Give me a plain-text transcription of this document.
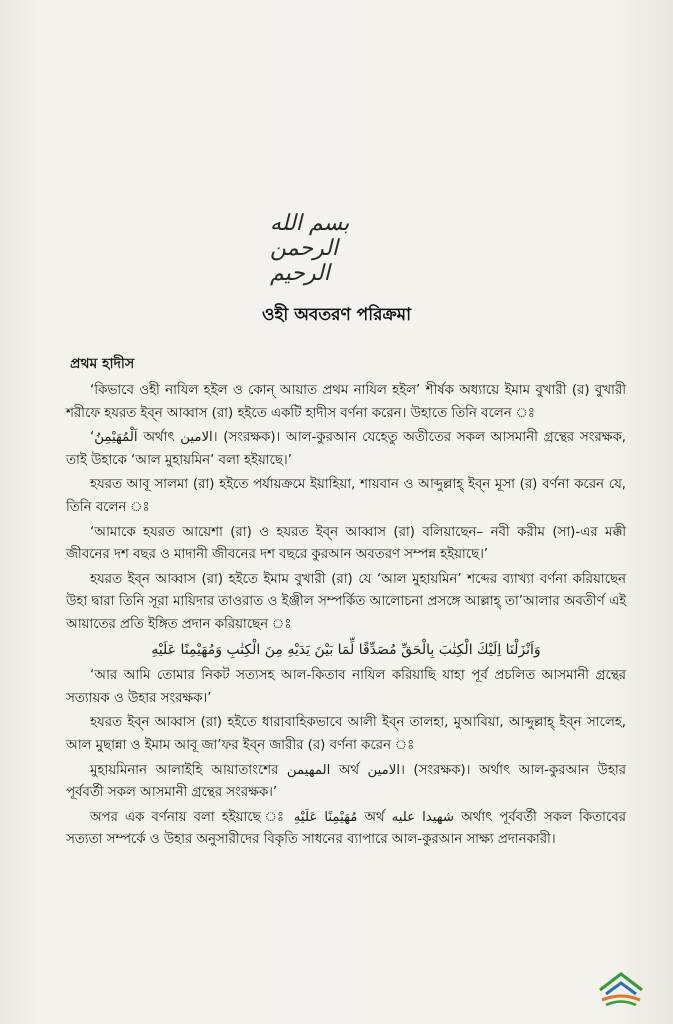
بسم الله الرحمن الرحيم
ওহী অবতরণ পরিক্রমা
প্রথম হাদীস

‘কিভাবে ওহী নাযিল হইল ও কোন্ আয়াত প্রথম নাযিল হইল’ শীর্ষক অধ্যায়ে ইমাম বুখারী (র) বুখারী শরীফে হযরত ইব্ন আব্বাস (রা) হইতে একটি হাদীস বর্ণনা করেন। উহাতে তিনি বলেন ঃ

‘اَلْمُهَيْمِنُ অর্থাৎ الامين। (সংরক্ষক)। আল-কুরআন যেহেতু অতীতের সকল আসমানী গ্রন্থের সংরক্ষক, তাই উহাকে ‘আল মুহায়মিন’ বলা হইয়াছে।’

হযরত আবূ সালমা (রা) হইতে পর্যায়ক্রমে ইয়াহিয়া, শায়বান ও আব্দুল্লাহ্ ইব্ন মূসা (র) বর্ণনা করেন যে, তিনি বলেন ঃ

‘আমাকে হযরত আয়েশা (রা) ও হযরত ইব্ন আব্বাস (রা) বলিয়াছেন– নবী করীম (সা)-এর মক্কী জীবনের দশ বছর ও মাদানী জীবনের দশ বছরে কুরআন অবতরণ সম্পন্ন হইয়াছে।’

হযরত ইব্ন আব্বাস (রা) হইতে ইমাম বুখারী (রা) যে ‘আল মুহায়মিন’ শব্দের ব্যাখ্যা বর্ণনা করিয়াছেন উহা দ্বারা তিনি সূরা মায়িদার তাওরাত ও ইঞ্জীল সম্পর্কিত আলোচনা প্রসঙ্গে আল্লাহ্ তা’আলার অবতীর্ণ এই আয়াতের প্রতি ইঙ্গিত প্রদান করিয়াছেন ঃ

وَاَنْزَلْنَا اِلَيْكَ الْكِتٰبَ بِالْحَقِّ مُصَدِّقًا لِّمَا بَيْنَ يَدَيْهِ مِنَ الْكِتٰبِ وَمُهَيْمِنًا عَلَيْهِ

‘আর আমি তোমার নিকট সত্যসহ আল-কিতাব নাযিল করিয়াছি যাহা পূর্ব প্রচলিত আসমানী গ্রন্থের সত্যায়ক ও উহার সংরক্ষক।’

হযরত ইব্ন আব্বাস (রা) হইতে ধারাবাহিকভাবে আলী ইব্ন তালহা, মুআবিয়া, আব্দুল্লাহ্ ইব্ন সালেহ, আল মুছান্না ও ইমাম আবূ জা’ফর ইব্ন জারীর (র) বর্ণনা করেন ঃ

মুহায়মিনান আলাইহি আয়াতাংশের المهيمن অর্থ الامين। (সংরক্ষক)। অর্থাৎ আল-কুরআন উহার পূর্ববর্তী সকল আসমানী গ্রন্থের সংরক্ষক।’

অপর এক বর্ণনায় বলা হইয়াছে ঃ مُهَيْمِنًا عَلَيْهِ অর্থ شهيدا عليه অর্থাৎ পূর্ববর্তী সকল কিতাবের সত্যতা সম্পর্কে ও উহার অনুসারীদের বিকৃতি সাধনের ব্যাপারে আল-কুরআন সাক্ষ্য প্রদানকারী।
